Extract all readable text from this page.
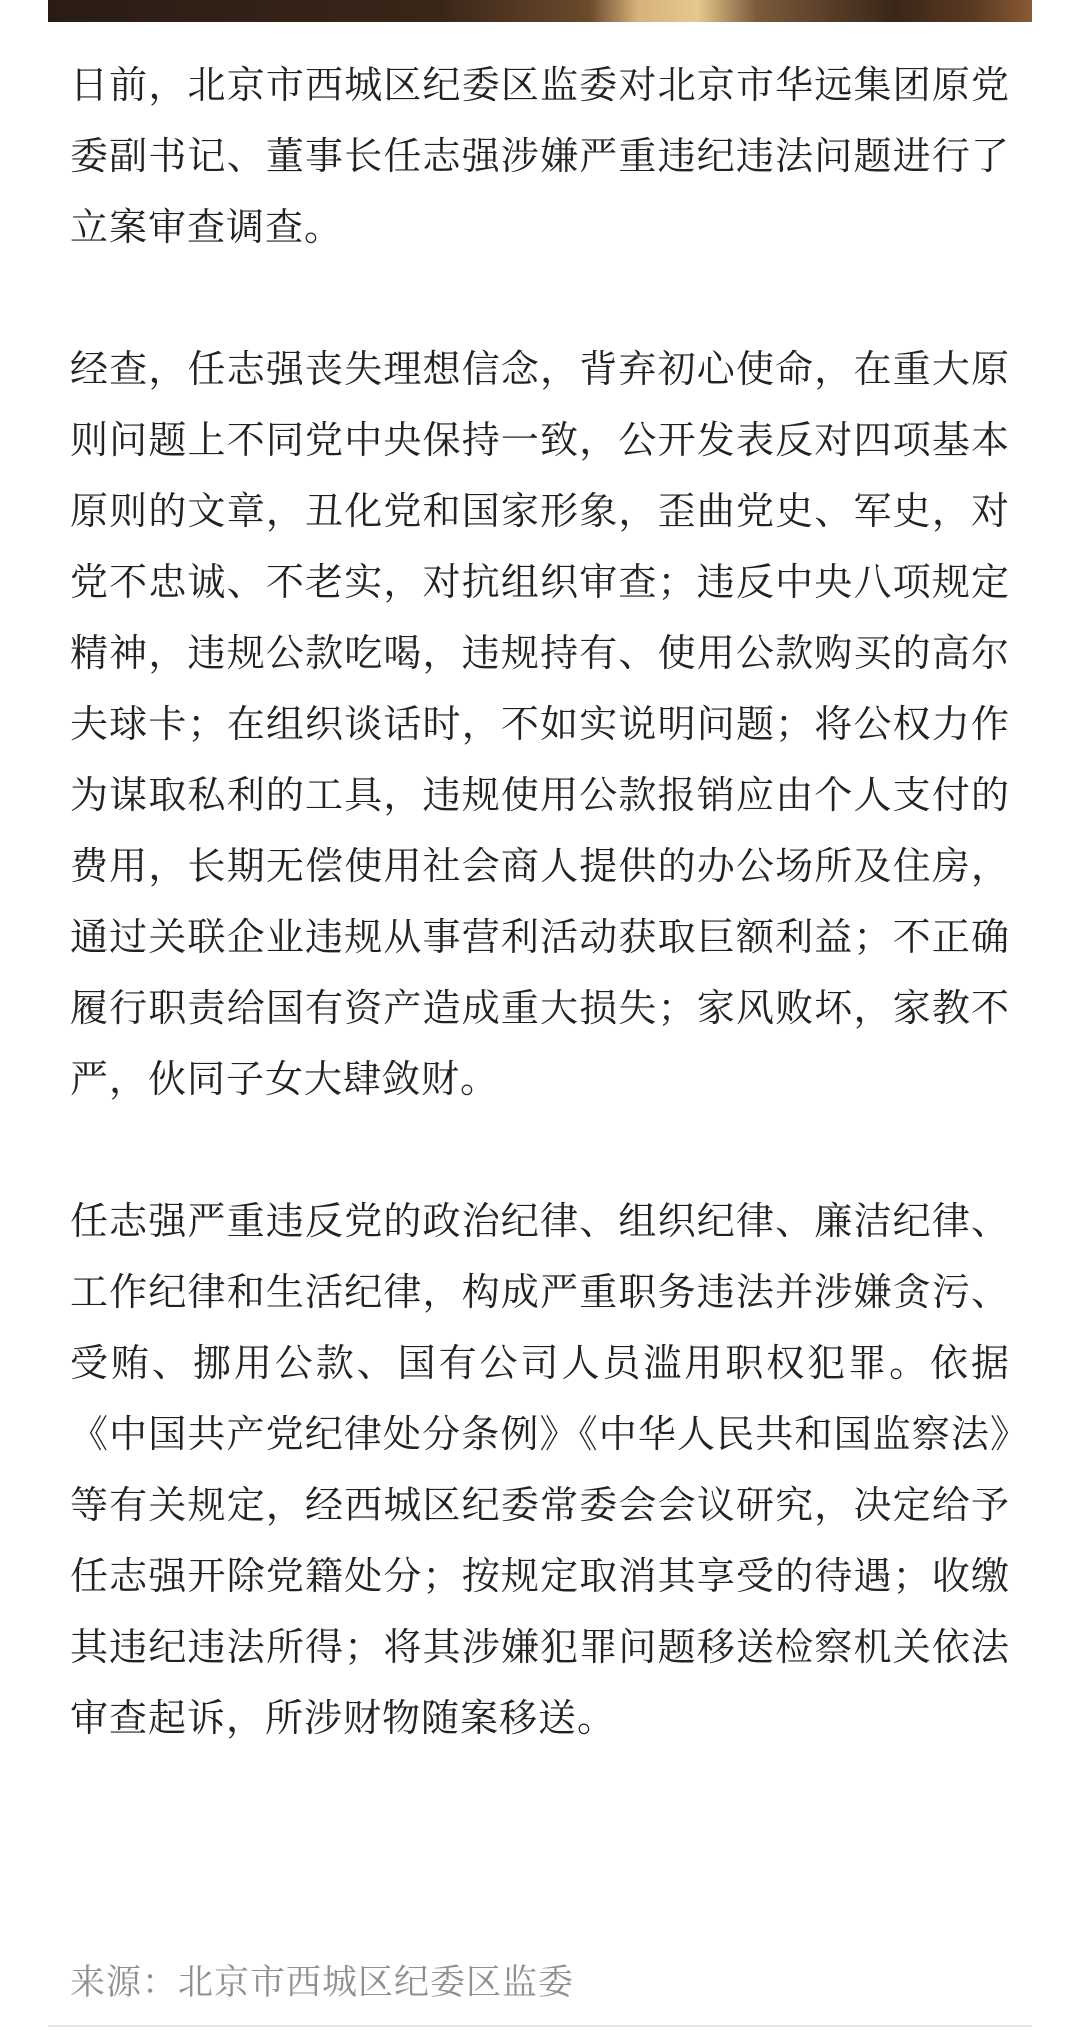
日前，北京市西城区纪委区监委对北京市华远集团原党委副书记、董事长任志强涉嫌严重违纪违法问题进行了立案审查调查。

经查，任志强丧失理想信念，背弃初心使命，在重大原则问题上不同党中央保持一致，公开发表反对四项基本原则的文章，丑化党和国家形象，歪曲党史、军史，对党不忠诚、不老实，对抗组织审查；违反中央八项规定精神，违规公款吃喝，违规持有、使用公款购买的高尔夫球卡；在组织谈话时，不如实说明问题；将公权力作为谋取私利的工具，违规使用公款报销应由个人支付的费用，长期无偿使用社会商人提供的办公场所及住房，通过关联企业违规从事营利活动获取巨额利益；不正确履行职责给国有资产造成重大损失；家风败坏，家教不严，伙同子女大肆敛财。

任志强严重违反党的政治纪律、组织纪律、廉洁纪律、工作纪律和生活纪律，构成严重职务违法并涉嫌贪污、受贿、挪用公款、国有公司人员滥用职权犯罪。依据《中国共产党纪律处分条例》《中华人民共和国监察法》等有关规定，经西城区纪委常委会会议研究，决定给予任志强开除党籍处分；按规定取消其享受的待遇；收缴其违纪违法所得；将其涉嫌犯罪问题移送检察机关依法审查起诉，所涉财物随案移送。

来源：北京市西城区纪委区监委
